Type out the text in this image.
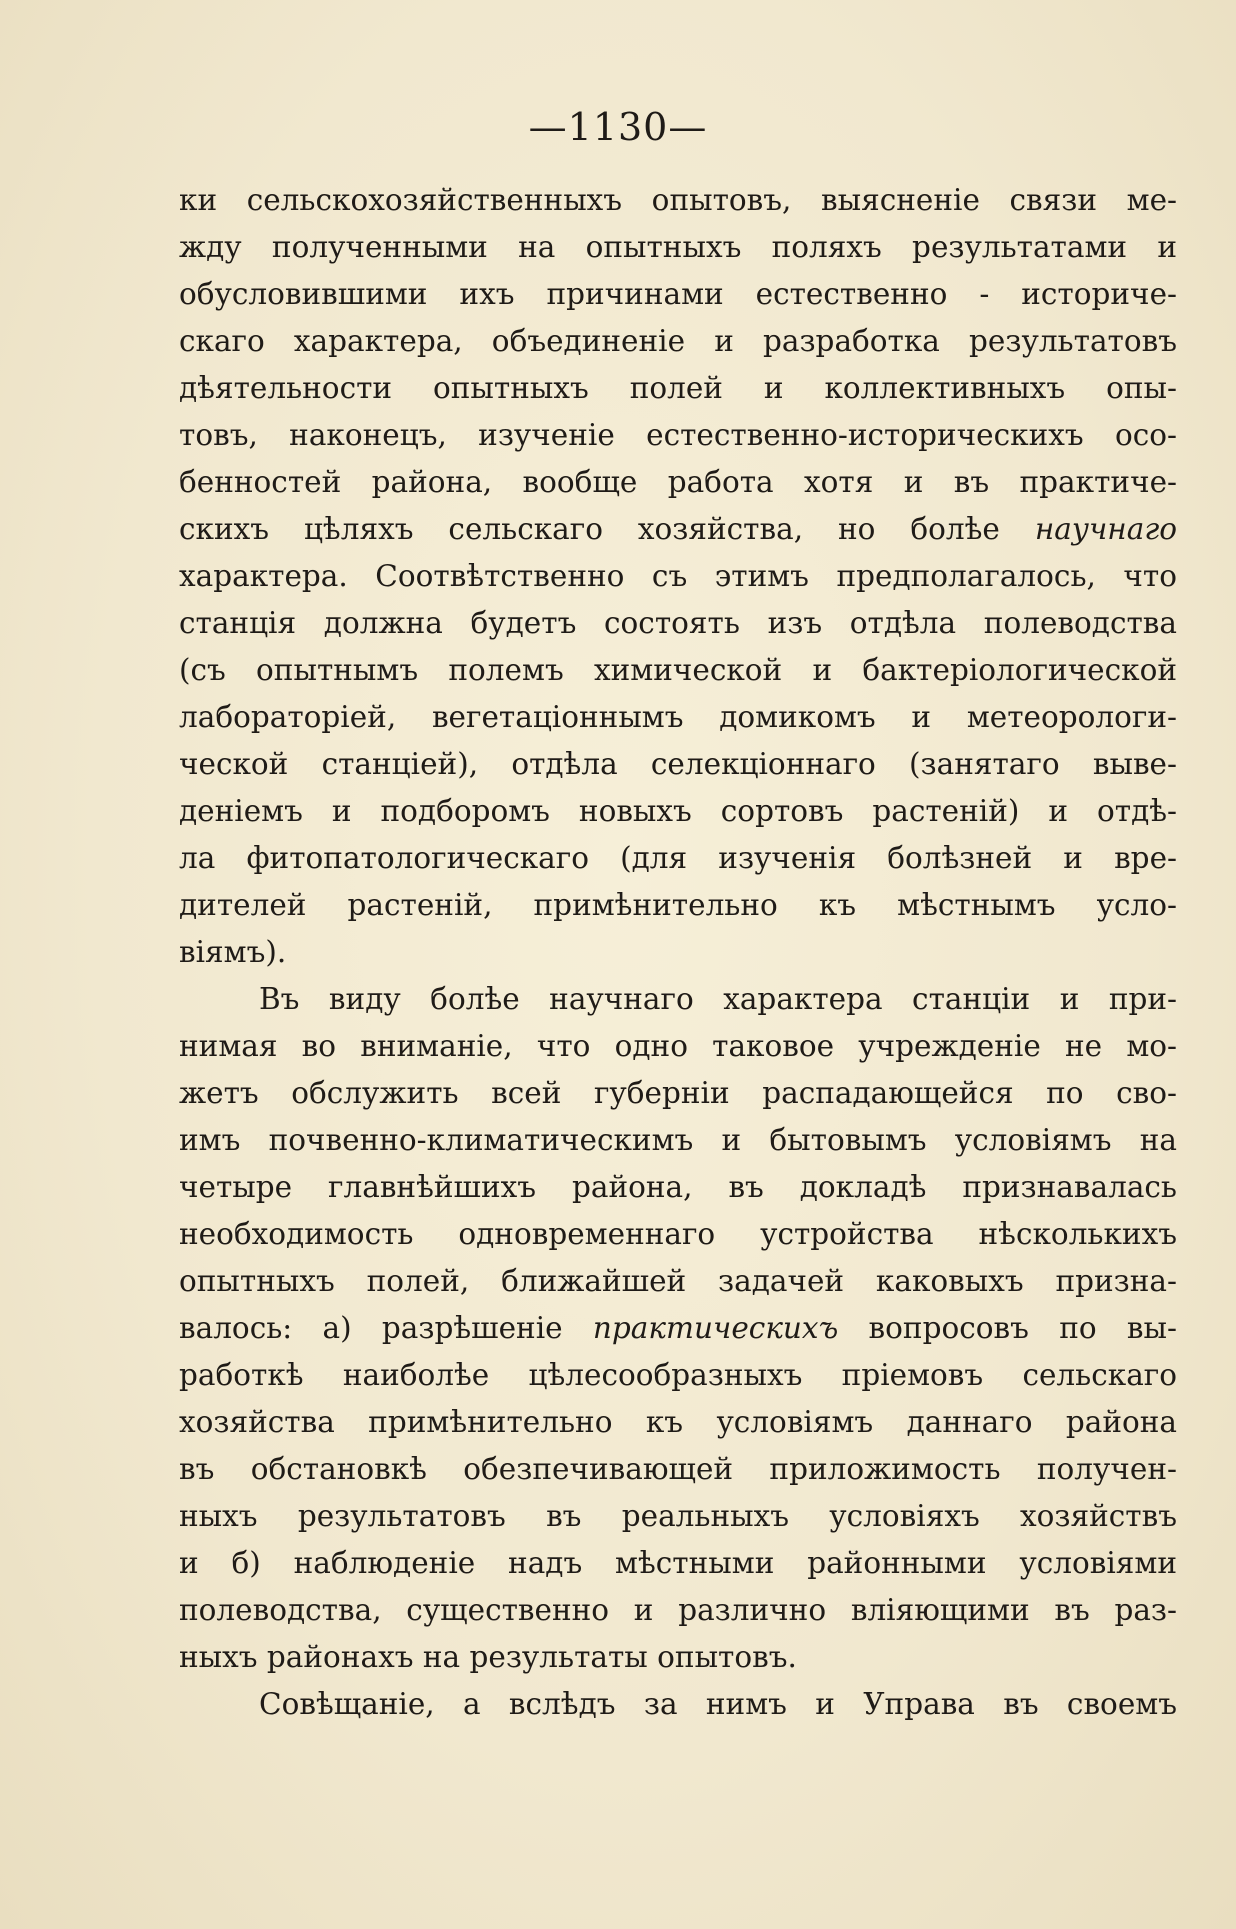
—1130—
ки сельскохозяйственныхъ опытовъ, выясненіе связи ме-
жду полученными на опытныхъ поляхъ результатами и
обусловившими ихъ причинами естественно - историче-
скаго характера, объединеніе и разработка результатовъ
дѣятельности опытныхъ полей и коллективныхъ опы-
товъ, наконецъ, изученіе естественно-историческихъ осо-
бенностей района, вообще работа хотя и въ практиче-
скихъ цѣляхъ сельскаго хозяйства, но болѣе научнаго
характера. Соотвѣтственно съ этимъ предполагалось, что
станція должна будетъ состоять изъ отдѣла полеводства
(съ опытнымъ полемъ химической и бактеріологической
лабораторіей, вегетаціоннымъ домикомъ и метеорологи-
ческой станціей), отдѣла селекціоннаго (занятаго выве-
деніемъ и подборомъ новыхъ сортовъ растеній) и отдѣ-
ла фитопатологическаго (для изученія болѣзней и вре-
дителей растеній, примѣнительно къ мѣстнымъ усло-
віямъ).
Въ виду болѣе научнаго характера станціи и при-
нимая во вниманіе, что одно таковое учрежденіе не мо-
жетъ обслужить всей губерніи распадающейся по сво-
имъ почвенно-климатическимъ и бытовымъ условіямъ на
четыре главнѣйшихъ района, въ докладѣ признавалась
необходимость одновременнаго устройства нѣсколькихъ
опытныхъ полей, ближайшей задачей каковыхъ призна-
валось: а) разрѣшеніе практическихъ вопросовъ по вы-
работкѣ наиболѣе цѣлесообразныхъ пріемовъ сельскаго
хозяйства примѣнительно къ условіямъ даннаго района
въ обстановкѣ обезпечивающей приложимость получен-
ныхъ результатовъ въ реальныхъ условіяхъ хозяйствъ
и б) наблюденіе надъ мѣстными районными условіями
полеводства, существенно и различно вліяющими въ раз-
ныхъ районахъ на результаты опытовъ.
Совѣщаніе, а вслѣдъ за нимъ и Управа въ своемъ
